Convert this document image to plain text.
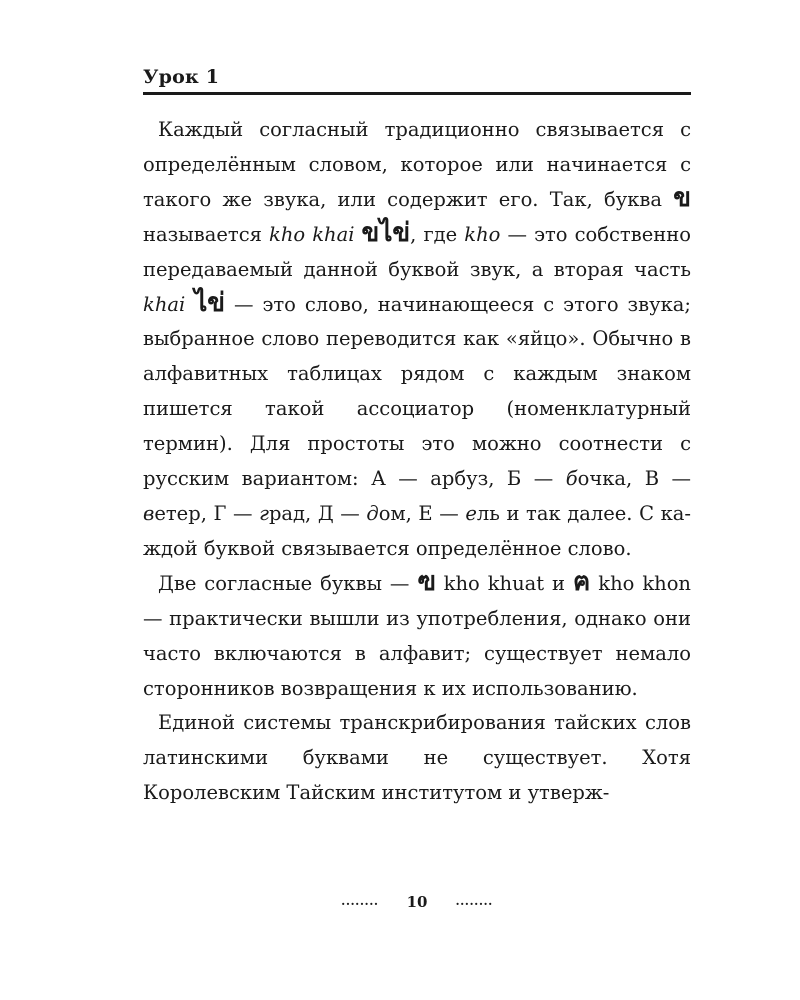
Урок 1

Каждый согласный традиционно связывается с определённым словом, которое или начинается с такого же звука, или содержит его. Так, буква ข называется kho khai ขไข่, где kho — это собственно передаваемый данной буквой звук, а вторая часть khai ไข่ — это слово, начинающееся с этого звука; выбранное слово переводится как «яйцо». Обычно в алфавитных таблицах рядом с каждым знаком пишется такой ассоциатор (номенклатурный термин). Для простоты это можно соотнести с русским вариантом: А — арбуз, Б — бочка, В — ветер, Г — град, Д — дом, Е — ель и так далее. С каждой буквой связывается определённое слово.

Две согласные буквы — ฃ kho khuat и ฅ kho khon — практически вышли из употребления, однако они часто включаются в алфавит; существует немало сторонников возвращения к их использованию.

Единой системы транскрибирования тайских слов латинскими буквами не существует. Хотя Королевским Тайским институтом и утверж-

........ 10 ........
